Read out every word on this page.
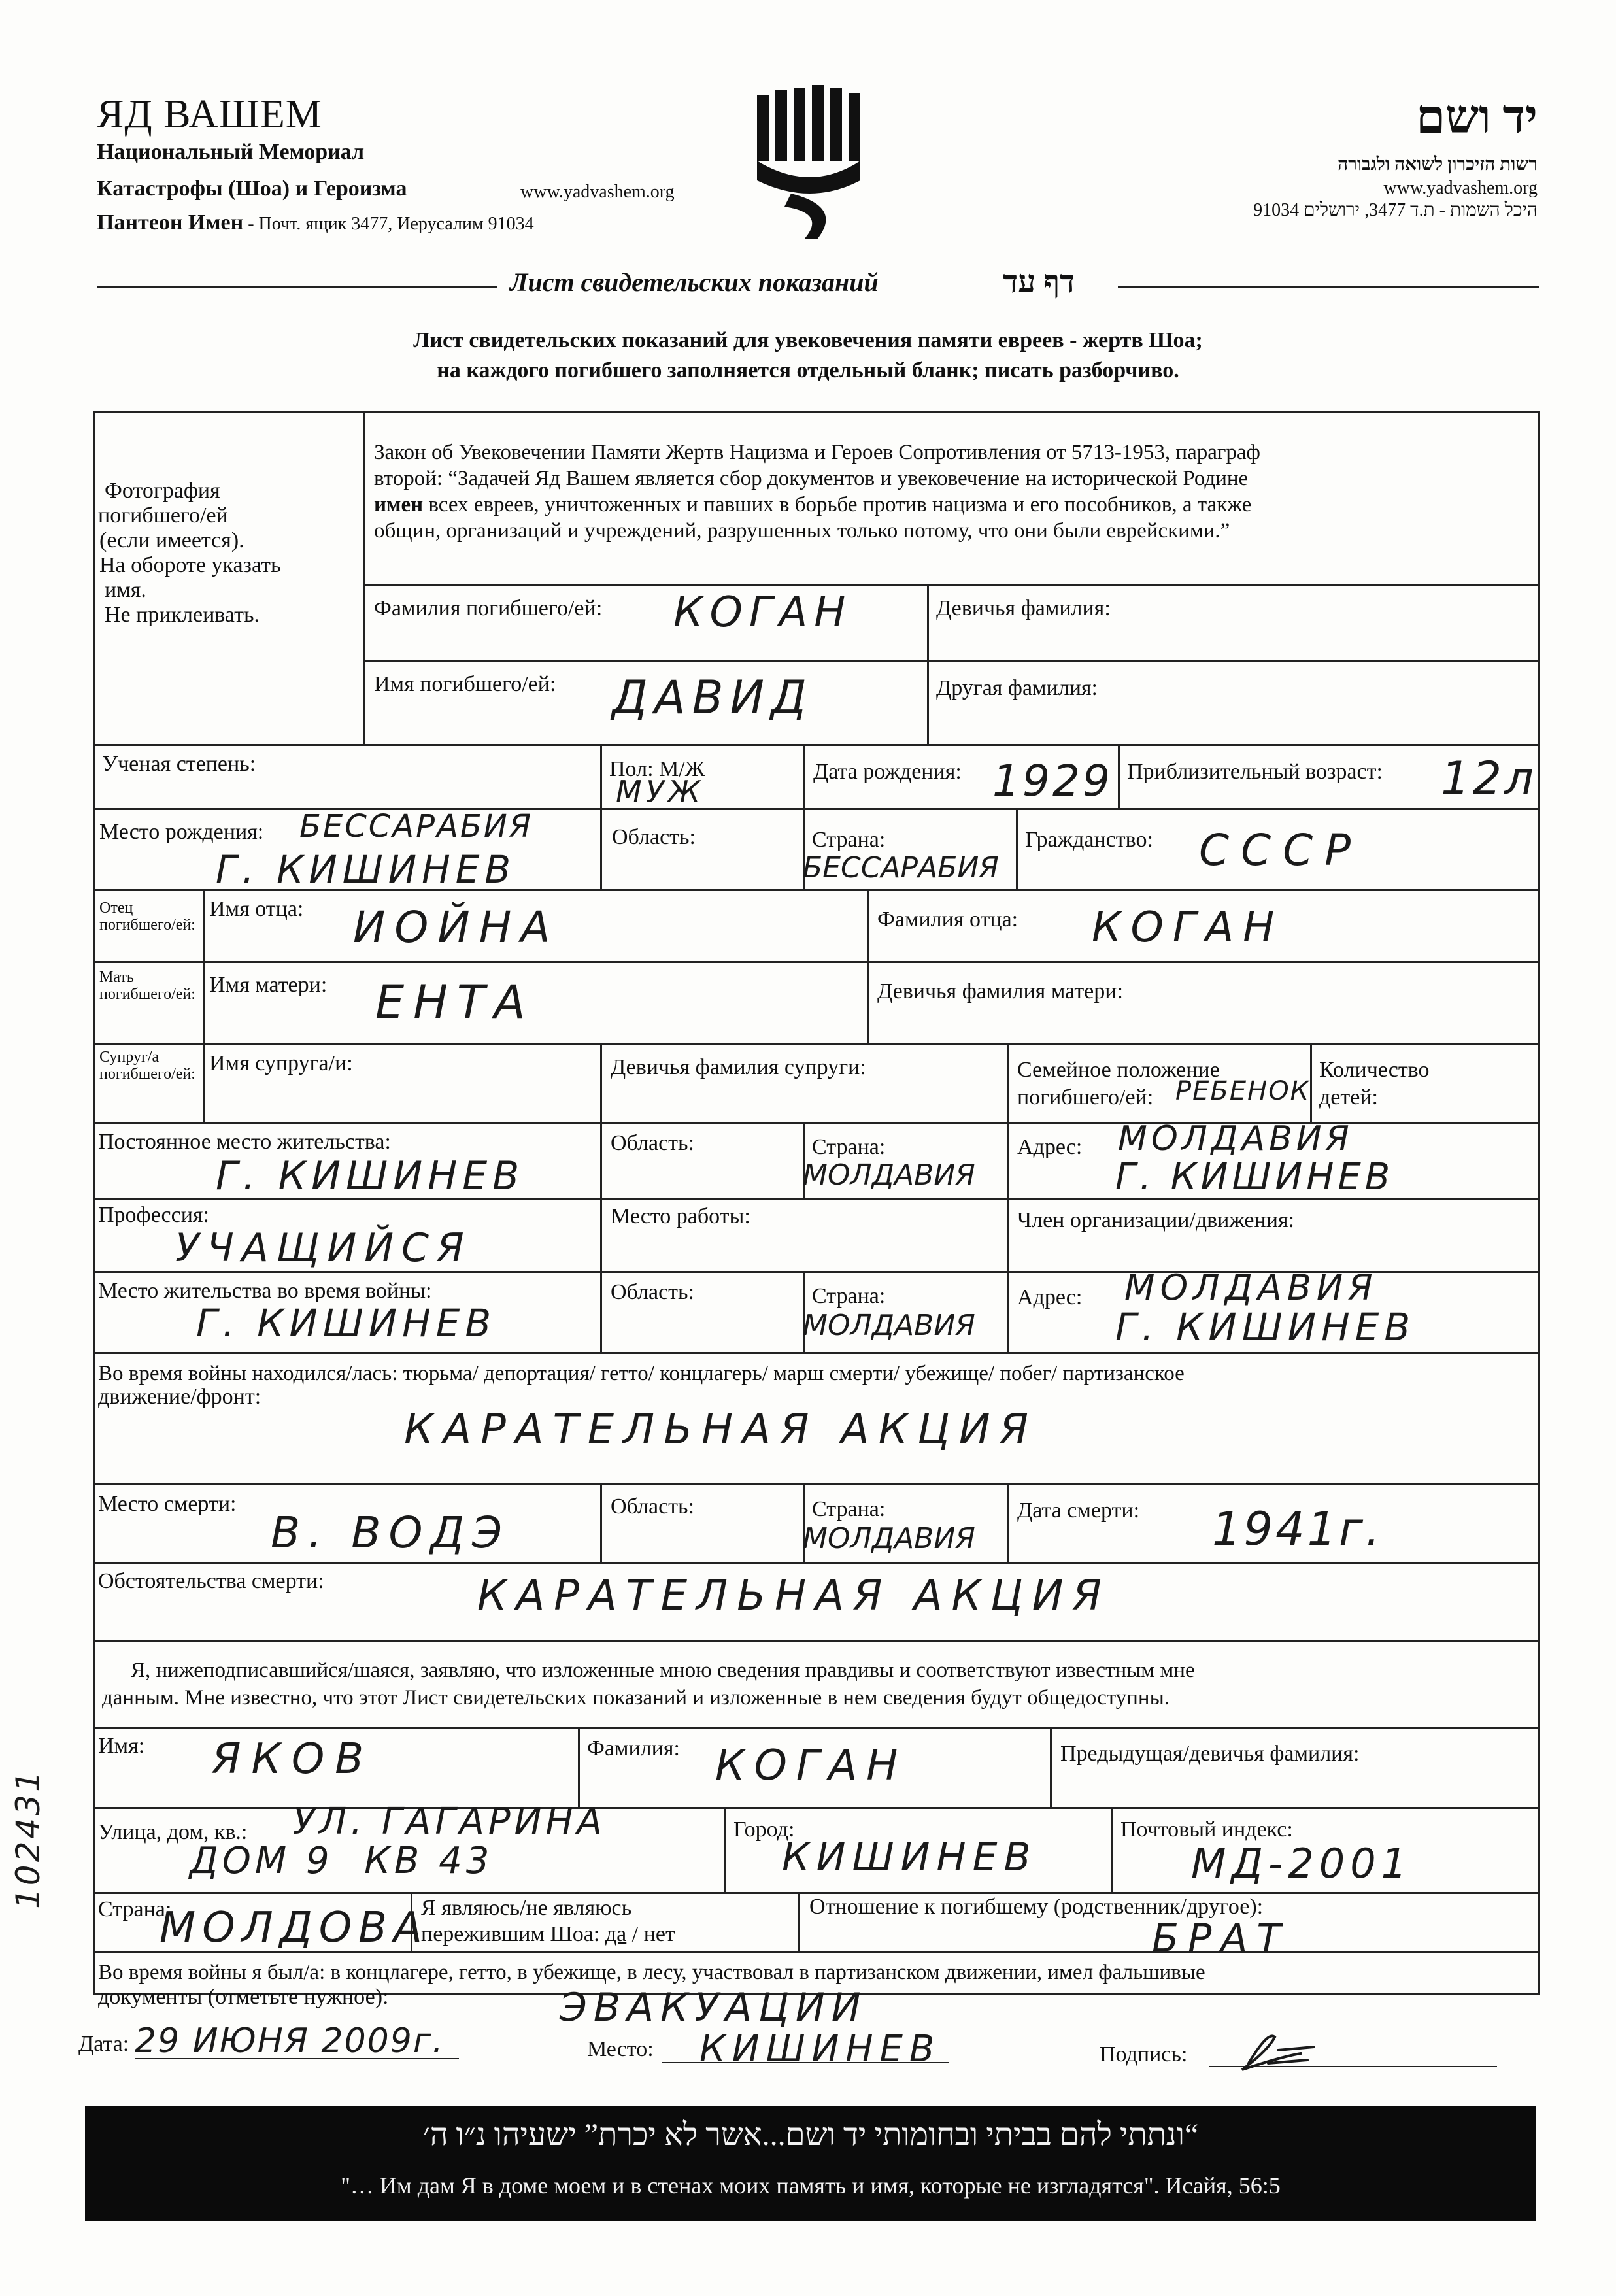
ЯД ВАШЕМ
Национальный Мемориал
Катастрофы (Шоа) и Героизма	www.yadvashem.org
Пантеон Имен - Почт. ящик 3477, Иерусалим 91034
יד ושם
רשות הזיכרון לשואה ולגבורה
www.yadvashem.org
היכל השמות - ת.ד 3477, ירושלים 91034
Лист свидетельских показаний	דף עד
Лист свидетельских показаний для увековечения памяти евреев - жертв Шоа;
на каждого погибшего заполняется отдельный бланк; писать разборчиво.
Фотография
погибшего/ей
(если имеется).
На обороте указать
имя.
Не приклеивать.
Закон об Увековечении Памяти Жертв Нацизма и Героев Сопротивления от 5713-1953, параграф
второй: “Задачей Яд Вашем является сбор документов и увековечение на исторической Родине
имен всех евреев, уничтоженных и павших в борьбе против нацизма и его пособников, а также
общин, организаций и учреждений, разрушенных только потому, что они были еврейскими.”
Фамилия погибшего/ей: КОГАН	Девичья фамилия:
Имя погибшего/ей: ДАВИД	Другая фамилия:
Ученая степень:	Пол: М/Ж
МУЖ
Дата рождения: 1929 Приблизительный возраст: 12л
Место рождения: БЕССАРАБИЯ
Г. КИШИНЕВ
Область:	Страна:
БЕССАРАБИЯ
Гражданство: СССР
Отец погибшего/ей:
Имя отца: ИОЙНА	Фамилия отца: КОГАН
Мать погибшего/ей: Имя матери: ЕНТА	Девичья фамилия матери:
Супруг/а погибшего/ей: Имя супруга/и:	Девичья фамилия супруги:	Семейное положение
погибшего/ей: РЕБЕНОК
Количество
детей:
Постоянное место жительства:
Г. КИШИНЕВ
Область:	Страна:
МОЛДАВИЯ
Адрес: МОЛДАВИЯ
Г. КИШИНЕВ
Профессия:
УЧАЩИЙСЯ
Место работы:	Член организации/движения:
Место жительства во время войны:
Г. КИШИНЕВ
Область:	Страна:
МОЛДАВИЯ
Адрес: МОЛДАВИЯ
Г. КИШИНЕВ
Во время войны находился/лась: тюрьма/ депортация/ гетто/ концлагерь/ марш смерти/ убежище/ побег/ партизанское
движение/фронт:
КАРАТЕЛЬНАЯ АКЦИЯ
Место смерти:
В. ВОДЭ
Область:	Страна:
МОЛДАВИЯ
Дата смерти: 1941г.
Обстоятельства смерти:	КАРАТЕЛЬНАЯ АКЦИЯ
Я, нижеподписавшийся/шаяся, заявляю, что изложенные мною сведения правдивы и соответствуют известным мне
данным. Мне известно, что этот Лист свидетельских показаний и изложенные в нем сведения будут общедоступны.
Имя: ЯКОВ	Фамилия: КОГАН	Предыдущая/девичья фамилия:
Улица, дом, кв.: УЛ. ГАГАРИНА
ДОМ 9  КВ 43
Город:
КИШИНЕВ
Почтовый индекс:
МД-2001
Страна:
МОЛДОВА
Я являюсь/не являюсь
пережившим Шоа: да / нет
Отношение к погибшему (родственник/другое):
БРАТ
Во время войны я был/а: в концлагере, гетто, в убежище, в лесу, участвовал в партизанском движении, имел фальшивые
документы (отметьте нужное):	ЭВАКУАЦИИ
Дата: 29 ИЮНЯ 2009г.	Место: КИШИНЕВ	Подпись:
102431
“ונתתי להם בביתי ובחומותי יד ושם...אשר לא יכרת” ישעיהו נ״ו ה׳
"… Им дам Я в доме моем и в стенах моих память и имя, которые не изгладятся". Исайя, 56:5
